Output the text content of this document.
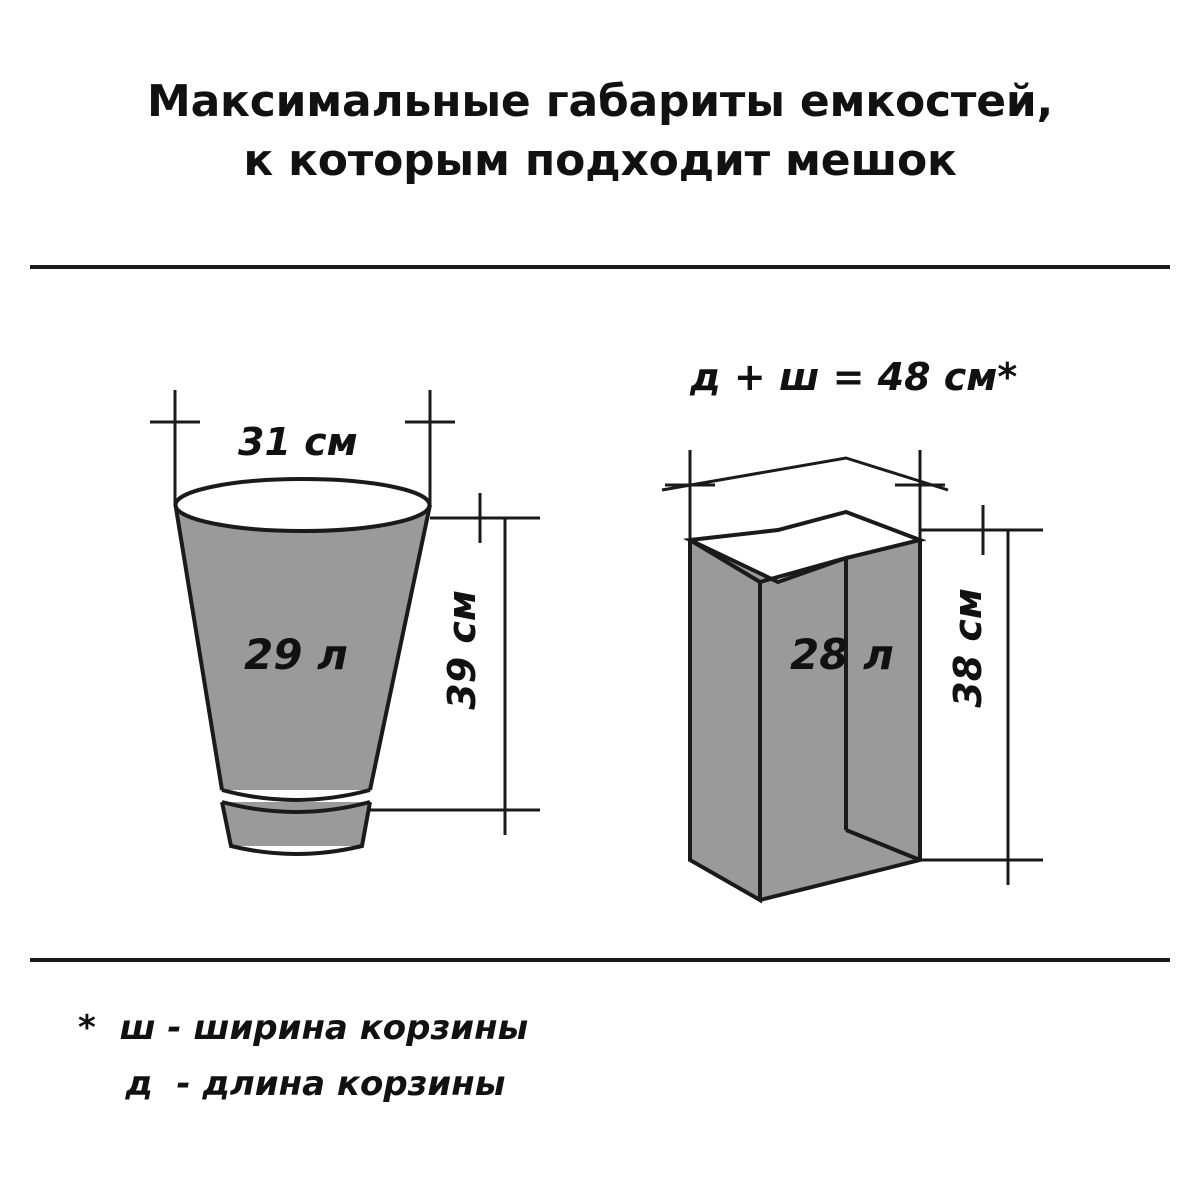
Максимальные габариты емкостей,
к которым подходит мешок
31 см
29 л 39 см
д + ш = 48 см*
28 л 38 см
*  ш - ширина корзины
д  - длина корзины
